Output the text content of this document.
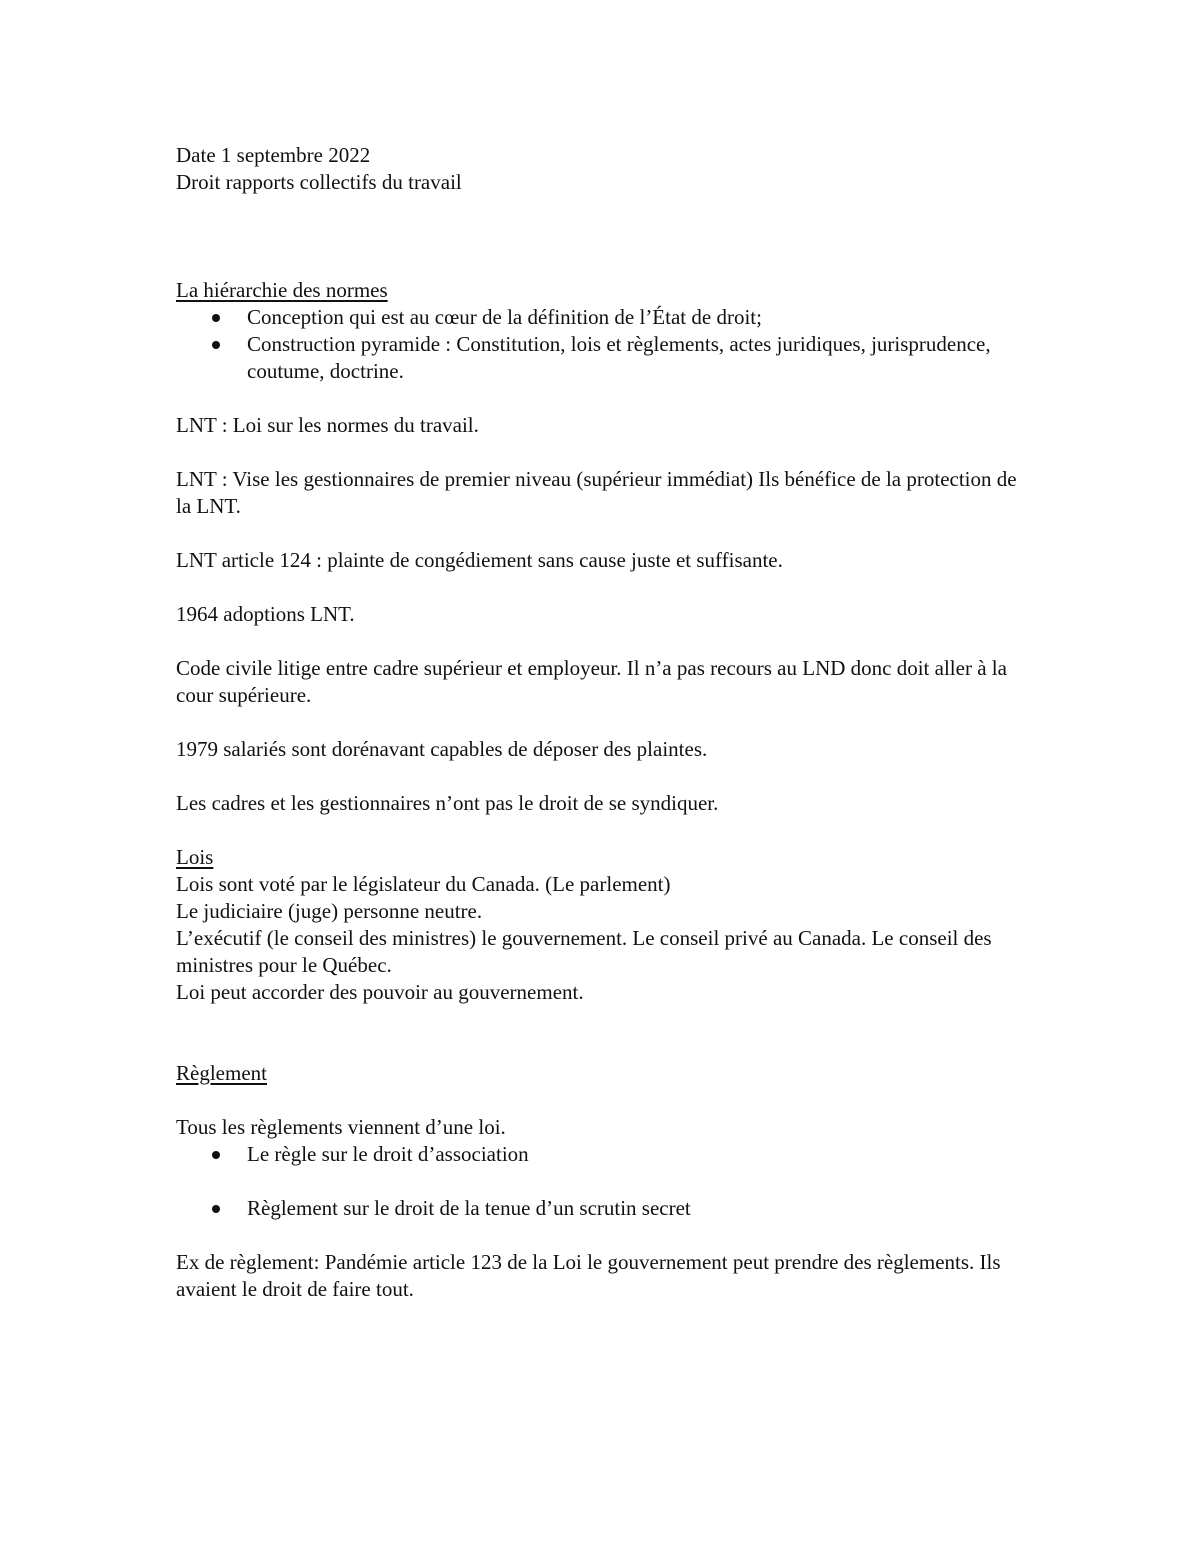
Date 1 septembre 2022

Droit rapports collectifs du travail

La hiérarchie des normes

Conception qui est au cœur de la définition de l’État de droit;
Construction pyramide : Constitution, lois et règlements, actes juridiques, jurisprudence, coutume, doctrine.

LNT : Loi sur les normes du travail.

LNT : Vise les gestionnaires de premier niveau (supérieur immédiat) Ils bénéfice de la protection de la LNT.

LNT article 124 : plainte de congédiement sans cause juste et suffisante.

1964 adoptions LNT.

Code civile litige entre cadre supérieur et employeur. Il n’a pas recours au LND donc doit aller à la cour supérieure.

1979 salariés sont dorénavant capables de déposer des plaintes.

Les cadres et les gestionnaires n’ont pas le droit de se syndiquer.

Lois

Lois sont voté par le législateur du Canada. (Le parlement)

Le judiciaire (juge) personne neutre.

L’exécutif (le conseil des ministres) le gouvernement. Le conseil privé au Canada. Le conseil des ministres pour le Québec.

Loi peut accorder des pouvoir au gouvernement.

Règlement

Tous les règlements viennent d’une loi.

Le règle sur le droit d’association
Règlement sur le droit de la tenue d’un scrutin secret

Ex de règlement: Pandémie article 123 de la Loi le gouvernement peut prendre des règlements. Ils avaient le droit de faire tout.
